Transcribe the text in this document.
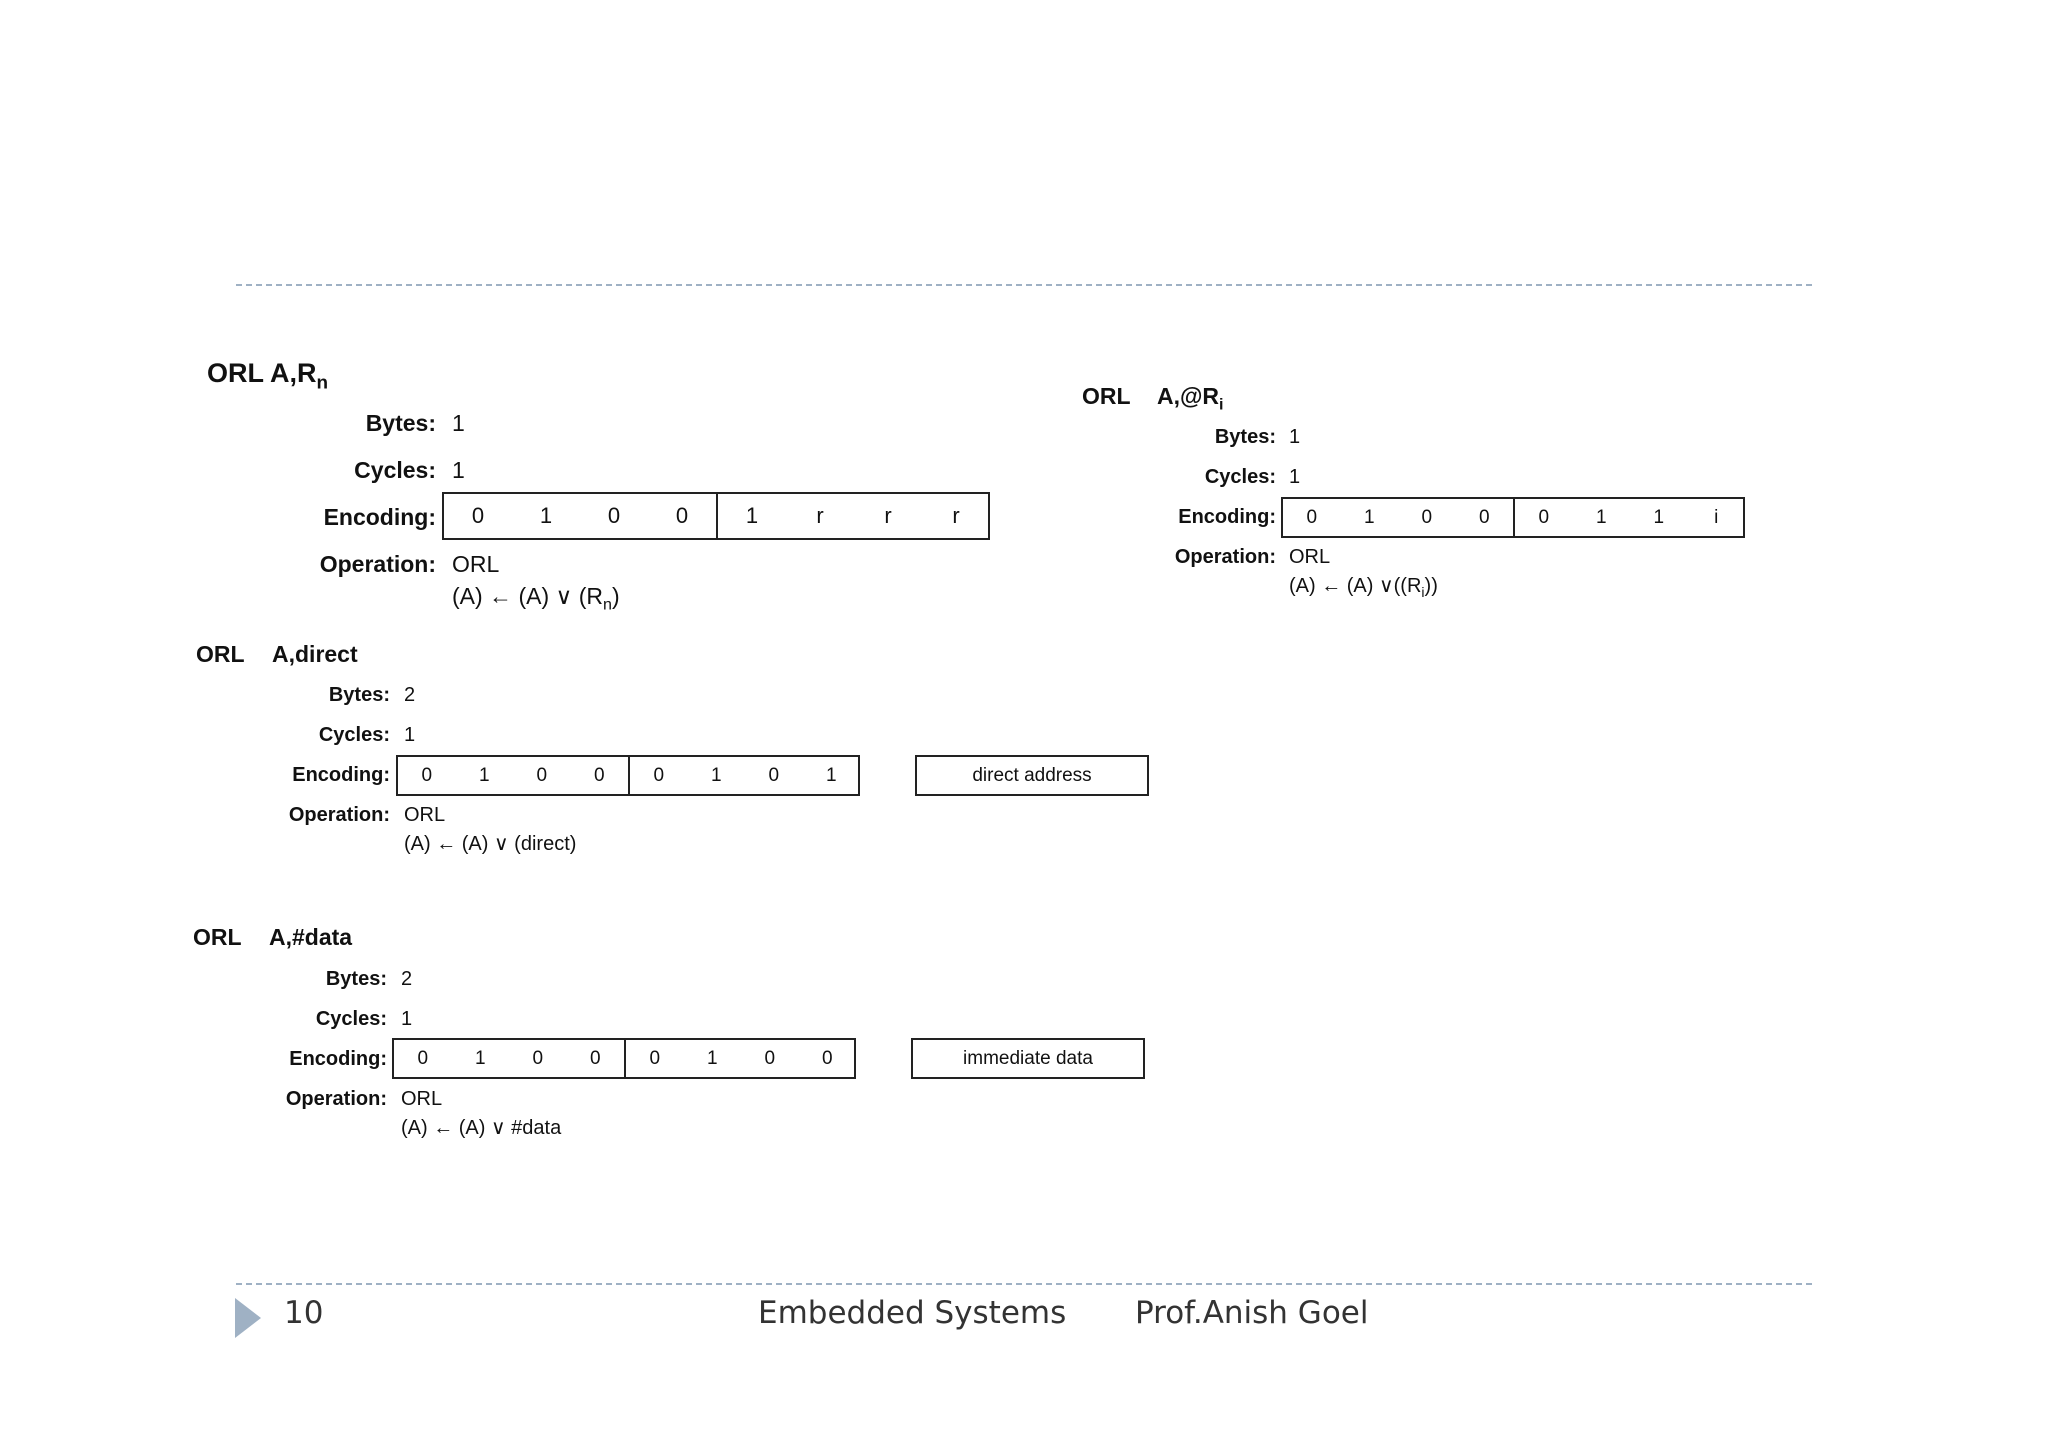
ORL $A,R_n$
Bytes: 1
Cycles: 1
Encoding:	0	1	0	0	1	r	r	r
Operation: ORL
(A) ← (A) ∨ $(R_n)$
ORL $A,@R_i$
Bytes: 1
Cycles: 1
Encoding:	0	1	0	0	0	1	1	i
Operation: ORL
(A) ← (A) $\vee((R_i))$
ORL A,direct
Bytes: 2
Cycles: 1
Encoding:	0	1	0	0	0	1	0	1	direct address
Operation: ORL
(A) ← (A) ∨ (direct)
ORL A,#data
Bytes: 2
Cycles: 1
Encoding:	0	1	0	0	0	1	0	0	immediate data
Operation: ORL
(A) ← (A) ∨ #data
10	Embedded Systems Prof.Anish Goel
